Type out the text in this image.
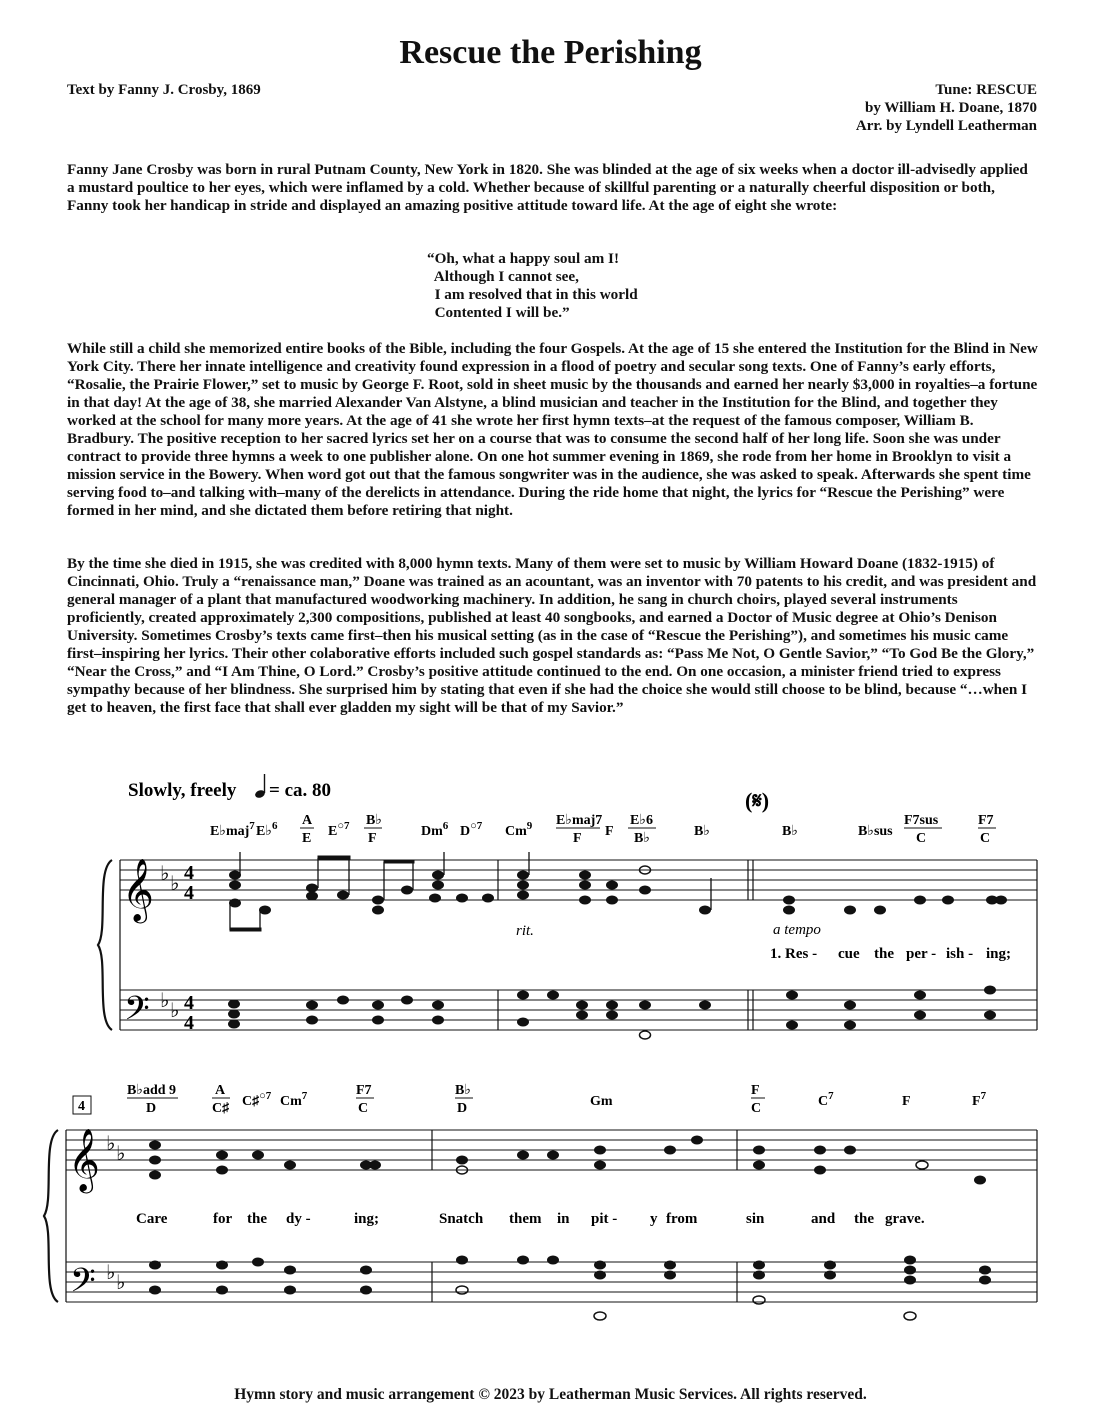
Rescue the Perishing
Text by Fanny J. Crosby, 1869	Tune: RESCUE
by William H. Doane, 1870
Arr. by Lyndell Leatherman

Fanny Jane Crosby was born in rural Putnam County, New York in 1820. She was blinded at the age of six weeks when a doctor ill-advisedly applied a mustard poultice to her eyes, which were inflamed by a cold. Whether because of skillful parenting or a naturally cheerful disposition or both, Fanny took her handicap in stride and displayed an amazing positive attitude toward life. At the age of eight she wrote:

“Oh, what a happy soul am I!
Although I cannot see,
I am resolved that in this world
Contented I will be.”

While still a child she memorized entire books of the Bible, including the four Gospels. At the age of 15 she entered the Institution for the Blind in New York City. There her innate intelligence and creativity found expression in a flood of poetry and secular song texts. One of Fanny’s early efforts, “Rosalie, the Prairie Flower,” set to music by George F. Root, sold in sheet music by the thousands and earned her nearly $3,000 in royalties–a fortune in that day! At the age of 38, she married Alexander Van Alstyne, a blind musician and teacher in the Institution for the Blind, and together they worked at the school for many more years. At the age of 41 she wrote her first hymn texts–at the request of the famous composer, William B. Bradbury. The positive reception to her sacred lyrics set her on a course that was to consume the second half of her long life. Soon she was under contract to provide three hymns a week to one publisher alone. On one hot summer evening in 1869, she rode from her home in Brooklyn to visit a mission service in the Bowery. When word got out that the famous songwriter was in the audience, she was asked to speak. Afterwards she spent time serving food to–and talking with–many of the derelicts in attendance. During the ride home that night, the lyrics for “Rescue the Perishing” were formed in her mind, and she dictated them before retiring that night.

By the time she died in 1915, she was credited with 8,000 hymn texts. Many of them were set to music by William Howard Doane (1832-1915) of Cincinnati, Ohio. Truly a “renaissance man,” Doane was trained as an acountant, was an inventor with 70 patents to his credit, and was president and general manager of a plant that manufactured woodworking machinery. In addition, he sang in church choirs, played several instruments proficiently, created approximately 2,300 compositions, published at least 40 songbooks, and earned a Doctor of Music degree at Ohio’s Denison University. Sometimes Crosby’s texts came first–then his musical setting (as in the case of “Rescue the Perishing”), and sometimes his music came first–inspiring her lyrics. Their other colaborative efforts included such gospel standards as: “Pass Me Not, O Gentle Savior,” “To God Be the Glory,” “Near the Cross,” and “I Am Thine, O Lord.” Crosby’s positive attitude continued to the end. On one occasion, a minister friend tried to express sympathy because of her blindness. She surprised him by stating that even if she had the choice she would still choose to be blind, because “…when I get to heaven, the first face that shall ever gladden my sight will be that of my Savior.”

Slowly, freely = ca. 80	(𝄋)
E♭maj$^7$ E♭$^6$ A
E $E^{○7}$ B♭
F	Dm$^6$ $D^{○7}$ Cm$^9$ E♭maj7
F F
E♭6
B♭	B♭	B♭	B♭sus
F7sus
C
F7
C
𝄞
𝄢
♭ ♭
♭ ♭
4
4
4
4
rit.	a tempo
1. Res - cue the per - ish - ing;
4
B♭add 9
D
A
C♯ C♯$^{○7}$ Cm$^7$	F7
C
B♭
D	Gm
F
C	$C^7$	F	$F^7$
𝄞
𝄢
♭ ♭
♭ ♭
Care	for the dy -	ing;	Snatch them in pit - y from	sin	and the grave.
Hymn story and music arrangement © 2023 by Leatherman Music Services. All rights reserved.
